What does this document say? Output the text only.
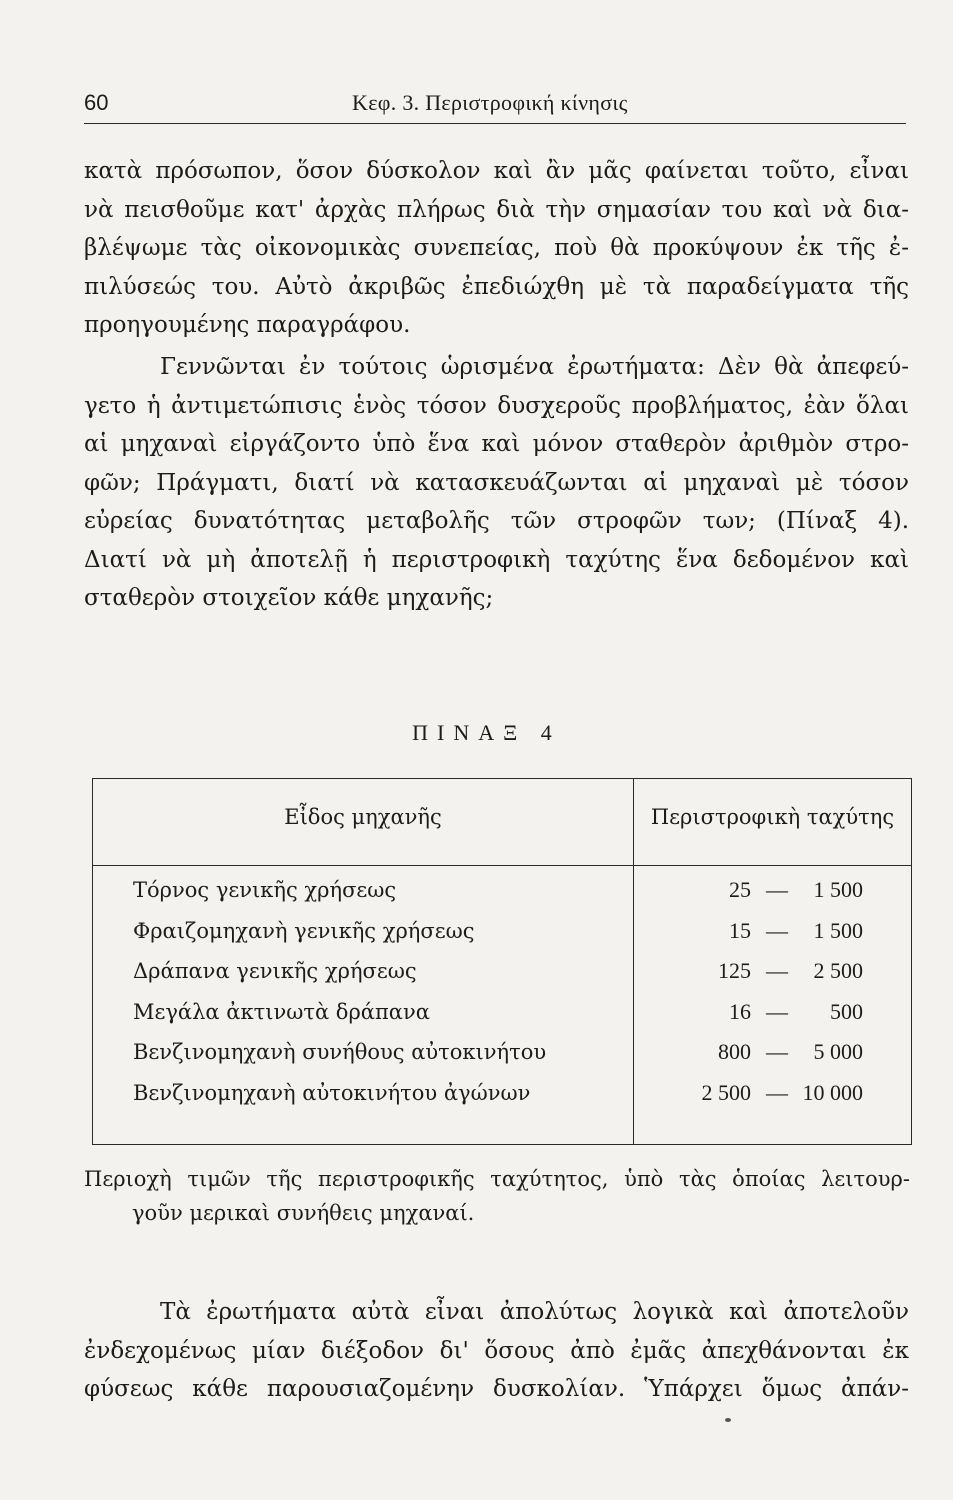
60	Κεφ. 3. Περιστροφική κίνησις
κατὰ πρόσωπον, ὅσον δύσκολον καὶ ἂν μᾶς φαίνεται τοῦτο, εἶναι
νὰ πεισθοῦμε κατ' ἀρχὰς πλήρως διὰ τὴν σημασίαν του καὶ νὰ δια-
βλέψωμε τὰς οἰκονομικὰς συνεπείας, ποὺ θὰ προκύψουν ἐκ τῆς ἐ-
πιλύσεώς του. Αὐτὸ ἀκριβῶς ἐπεδιώχθη μὲ τὰ παραδείγματα τῆς
προηγουμένης παραγράφου.
Γεννῶνται ἐν τούτοις ὡρισμένα ἐρωτήματα: Δὲν θὰ ἀπεφεύ-
γετο ἡ ἀντιμετώπισις ἑνὸς τόσον δυσχεροῦς προβλήματος, ἐὰν ὅλαι
αἱ μηχαναὶ εἰργάζοντο ὑπὸ ἕνα καὶ μόνον σταθερὸν ἀριθμὸν στρο-
φῶν; Πράγματι, διατί νὰ κατασκευάζωνται αἱ μηχαναὶ μὲ τόσον
εὐρείας δυνατότητας μεταβολῆς τῶν στροφῶν των; (Πίναξ 4).
Διατί νὰ μὴ ἀποτελῇ ἡ περιστροφικὴ ταχύτης ἕνα δεδομένον καὶ
σταθερὸν στοιχεῖον κάθε μηχανῆς;
ΠΙΝΑΞ 4
Εἶδος μηχανῆς	Περιστροφικὴ ταχύτης
Τόρνος γενικῆς χρήσεως	25 — 1 500
Φραιζομηχανὴ γενικῆς χρήσεως	15 — 1 500
Δράπανα γενικῆς χρήσεως	125 — 2 500
Μεγάλα ἀκτινωτὰ δράπανα	16 — 500
Βενζινομηχανὴ συνήθους αὐτοκινήτου	800 — 5 000
Βενζινομηχανὴ αὐτοκινήτου ἀγώνων	2 500 — 10 000
Περιοχὴ τιμῶν τῆς περιστροφικῆς ταχύτητος, ὑπὸ τὰς ὁποίας λειτουρ-
γοῦν μερικαὶ συνήθεις μηχαναί.
Τὰ ἐρωτήματα αὐτὰ εἶναι ἀπολύτως λογικὰ καὶ ἀποτελοῦν
ἐνδεχομένως μίαν διέξοδον δι' ὅσους ἀπὸ ἐμᾶς ἀπεχθάνονται ἐκ
φύσεως κάθε παρουσιαζομένην δυσκολίαν. Ὑπάρχει ὅμως ἀπάν-
